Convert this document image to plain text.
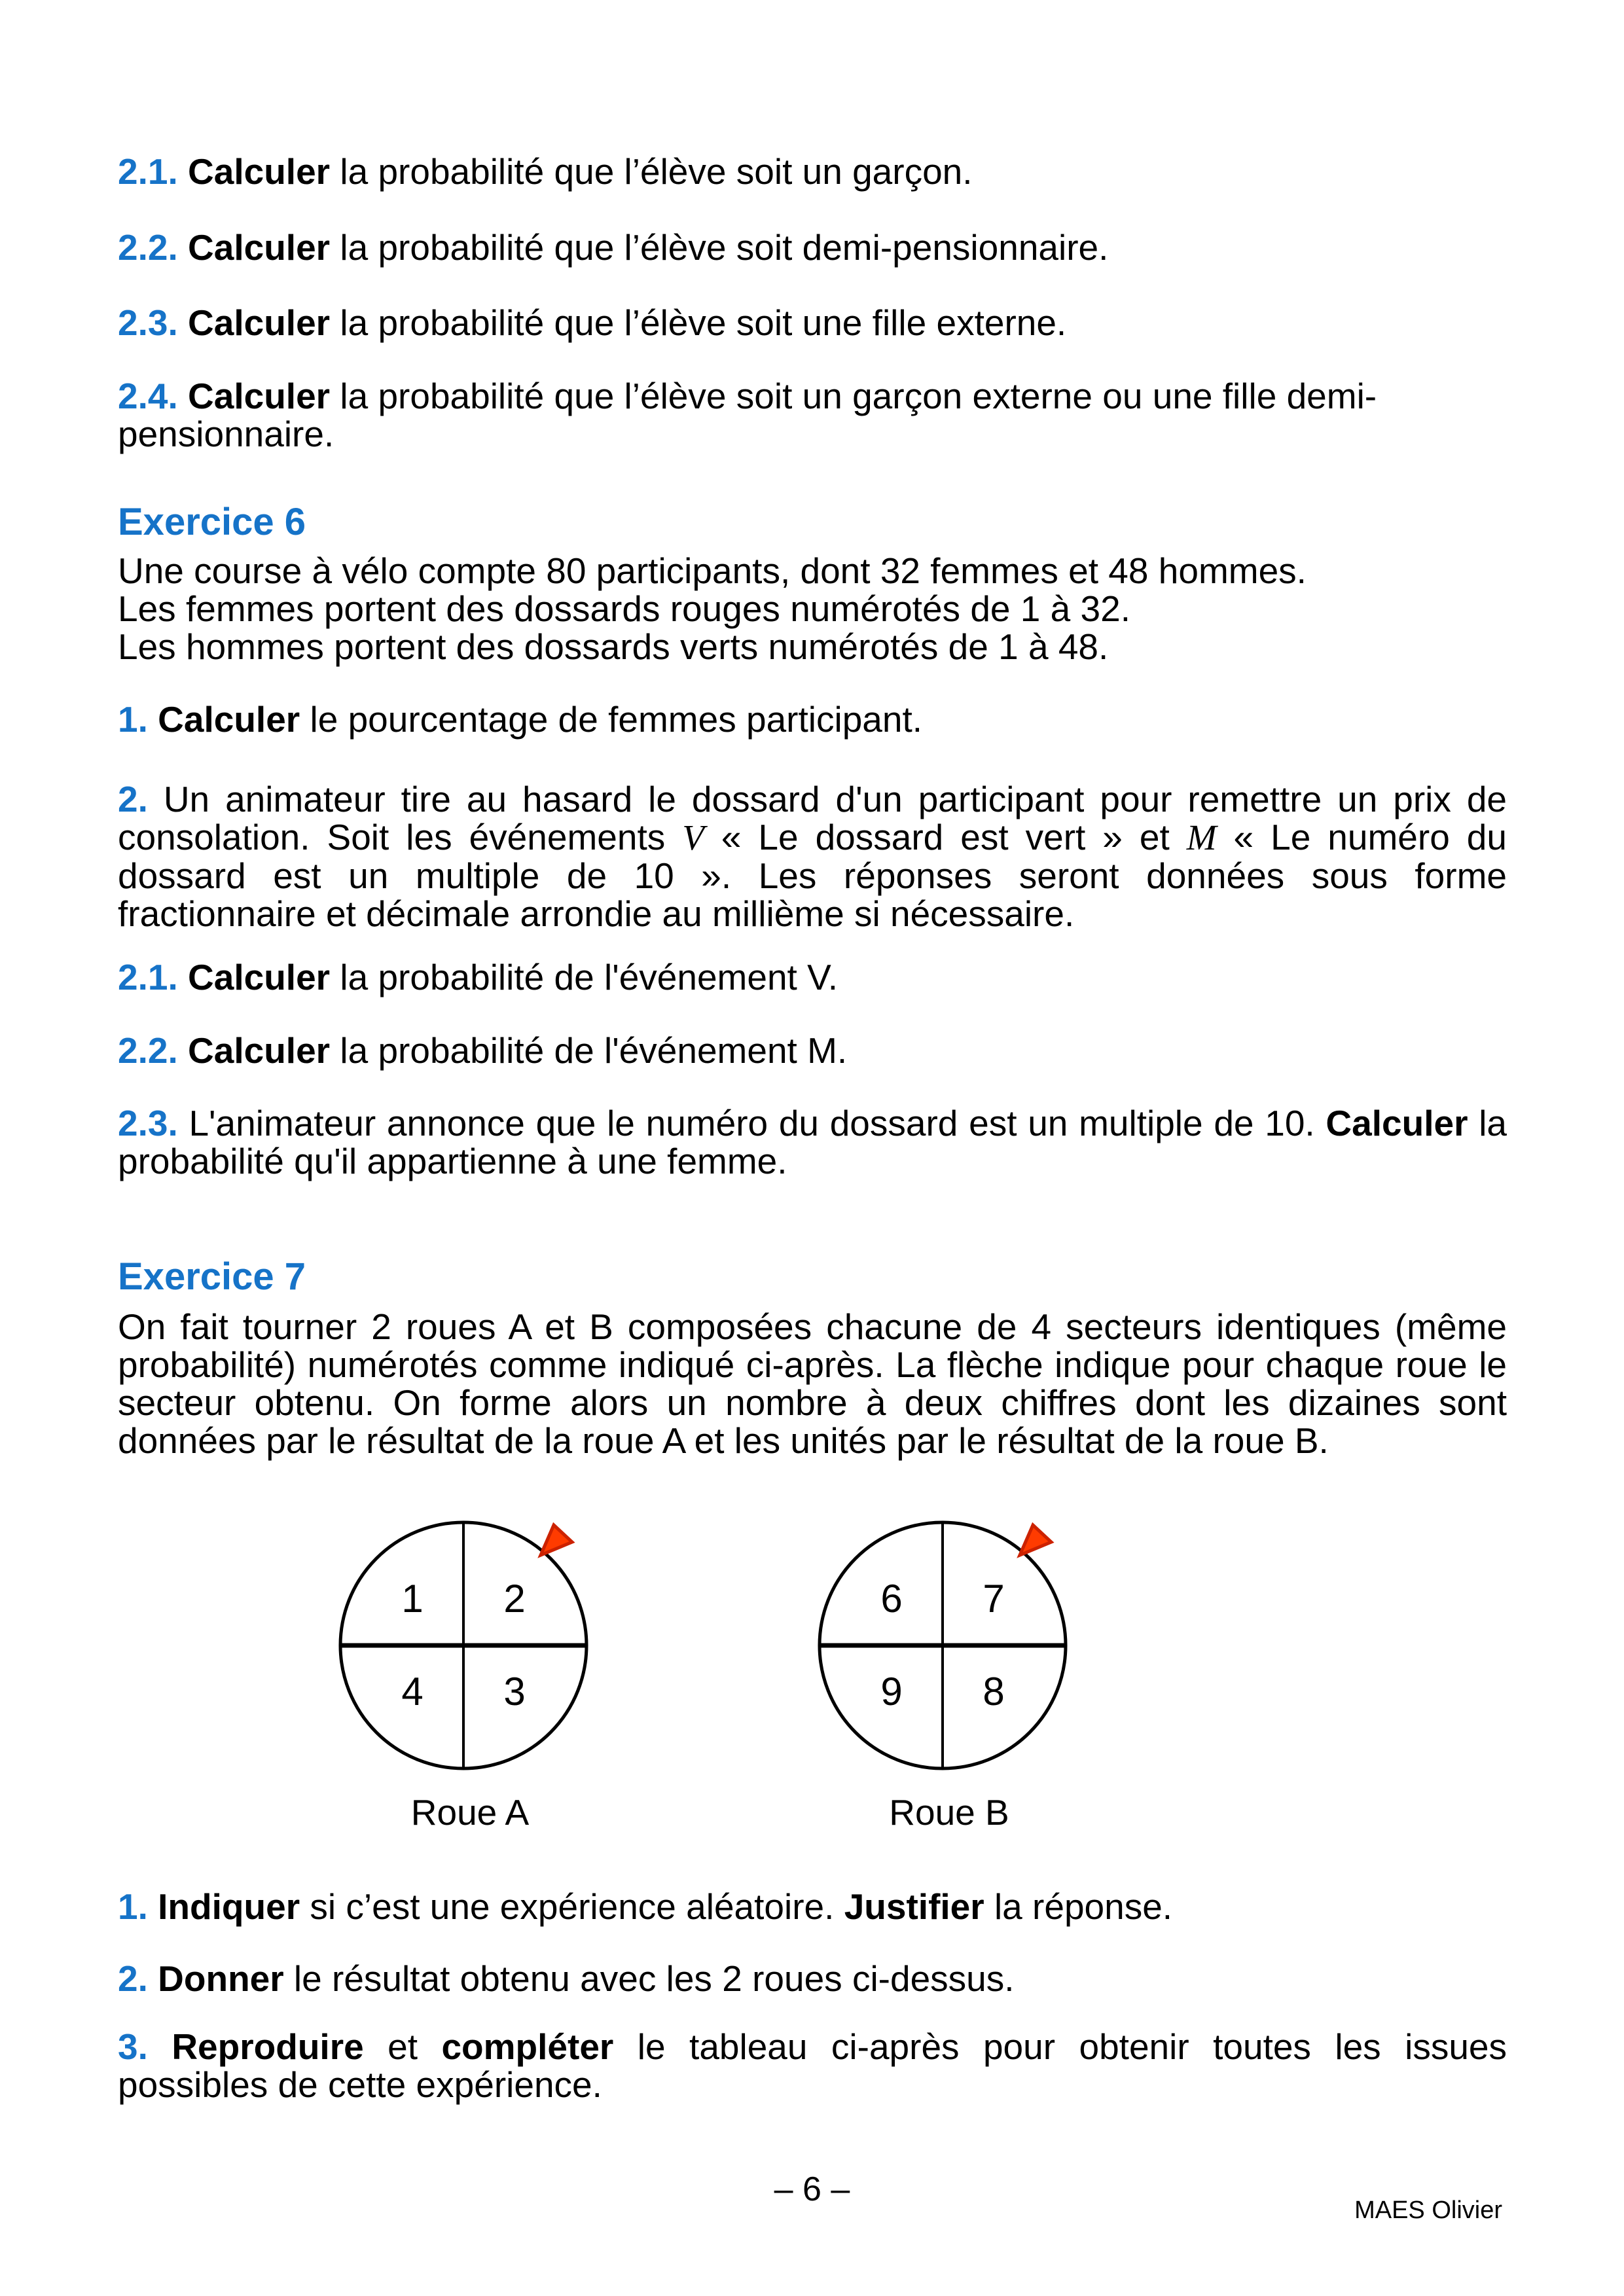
2.1. Calculer la probabilité que l’élève soit un garçon.
2.2. Calculer la probabilité que l’élève soit demi-pensionnaire.
2.3. Calculer la probabilité que l’élève soit une fille externe.
2.4. Calculer la probabilité que l’élève soit un garçon externe ou une fille demi-pensionnaire.
Exercice 6
Une course à vélo compte 80 participants, dont 32 femmes et 48 hommes.
Les femmes portent des dossards rouges numérotés de 1 à 32.
Les hommes portent des dossards verts numérotés de 1 à 48.
1. Calculer le pourcentage de femmes participant.
2. Un animateur tire au hasard le dossard d'un participant pour remettre un prix de consolation. Soit les événements V « Le dossard est vert » et M « Le numéro du dossard est un multiple de 10 ». Les réponses seront données sous forme fractionnaire et décimale arrondie au millième si nécessaire.
2.1. Calculer la probabilité de l'événement V.
2.2. Calculer la probabilité de l'événement M.
2.3. L'animateur annonce que le numéro du dossard est un multiple de 10. Calculer la probabilité qu'il appartienne à une femme.
Exercice 7
On fait tourner 2 roues A et B composées chacune de 4 secteurs identiques (même probabilité) numérotés comme indiqué ci-après. La flèche indique pour chaque roue le secteur obtenu. On forme alors un nombre à deux chiffres dont les dizaines sont données par le résultat de la roue A et les unités par le résultat de la roue B.
1 2
4 3
Roue A
6 7
9 8
Roue B
1. Indiquer si c’est une expérience aléatoire. Justifier la réponse.
2. Donner le résultat obtenu avec les 2 roues ci-dessus.
3. Reproduire et compléter le tableau ci-après pour obtenir toutes les issues possibles de cette expérience.
– 6 –
MAES Olivier
